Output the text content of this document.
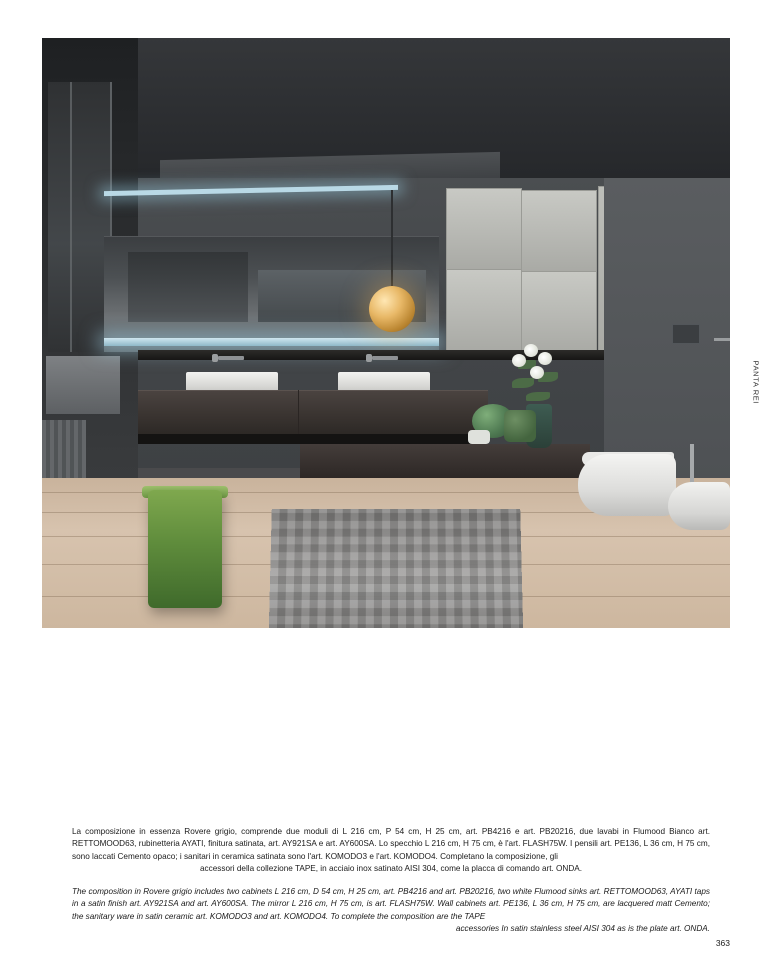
PANTA REI

La composizione in essenza Rovere grigio, comprende due moduli di L 216 cm, P 54 cm, H 25 cm, art. PB4216 e art. PB20216, due lavabi in Flumood Bianco art. RETTOMOOD63, rubinetteria AYATI, finitura satinata, art. AY921SA e art. AY600SA. Lo specchio L 216 cm, H 75 cm, è l'art. FLASH75W. I pensili art. PE136, L 36 cm, H 75 cm, sono laccati Cemento opaco; i sanitari in ceramica satinata sono l'art. KOMODO3 e l'art. KOMODO4. Completano la composizione, gli

accessori della collezione TAPE, in acciaio inox satinato AISI 304, come la placca di comando art. ONDA.

The composition in Rovere grigio includes two cabinets L 216 cm, D 54 cm, H 25 cm, art. PB4216 and art. PB20216, two white Flumood sinks art. RETTOMOOD63, AYATI taps in a satin finish art. AY921SA and art. AY600SA. The mirror L 216 cm, H 75 cm, is art. FLASH75W. Wall cabinets art. PE136, L 36 cm, H 75 cm, are lacquered matt Cemento; the sanitary ware in satin ceramic art. KOMODO3 and art. KOMODO4. To complete the composition are the TAPE

accessories In satin stainless steel AISI 304 as is the plate art. ONDA.

363
